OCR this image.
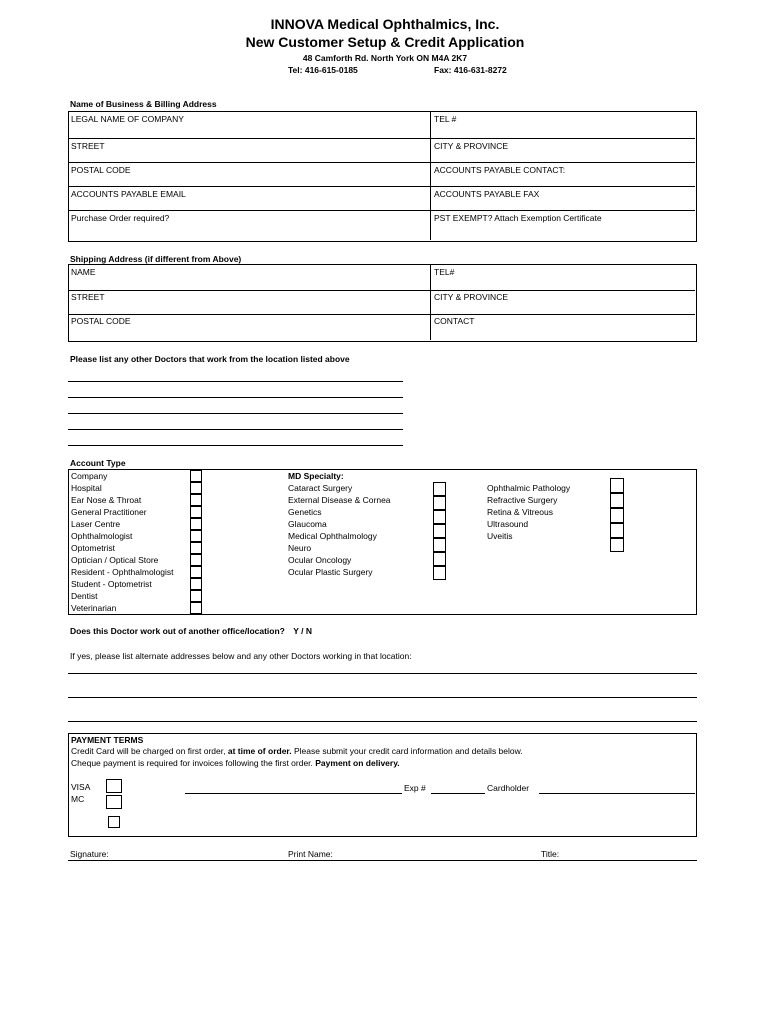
INNOVA Medical Ophthalmics, Inc.
New Customer Setup & Credit Application
48 Camforth Rd. North York ON M4A 2K7
Tel: 416-615-0185	Fax: 416-631-8272
Name of Business & Billing Address
LEGAL NAME OF COMPANY	TEL #
STREET	CITY & PROVINCE
POSTAL CODE	ACCOUNTS PAYABLE CONTACT:
ACCOUNTS PAYABLE EMAIL	ACCOUNTS PAYABLE FAX
Purchase Order required?	PST EXEMPT? Attach Exemption Certificate
Shipping Address (if different from Above)
NAME	TEL#
STREET	CITY & PROVINCE
POSTAL CODE	CONTACT
Please list any other Doctors that work from the location listed above
Account Type
Company
Hospital
Ear Nose & Throat
General Practitioner
Laser Centre
Ophthalmologist
Optometrist
Optician / Optical Store
Resident - Ophthalmologist
Student - Optometrist
Dentist
Veterinarian
MD Specialty:
Cataract Surgery
External Disease & Cornea
Genetics
Glaucoma
Medical Ophthalmology
Neuro
Ocular Oncology
Ocular Plastic Surgery
Ophthalmic Pathology
Refractive Surgery
Retina & Vitreous
Ultrasound
Uveitis
Does this Doctor work out of another office/location? Y / N
If yes, please list alternate addresses below and any other Doctors working in that location:
PAYMENT TERMS
Credit Card will be charged on first order, at time of order. Please submit your credit card information and details below.
Cheque payment is required for invoices following the first order. Payment on delivery.
VISA
MC
Exp #	Cardholder
Signature:	Print Name:	Title:
